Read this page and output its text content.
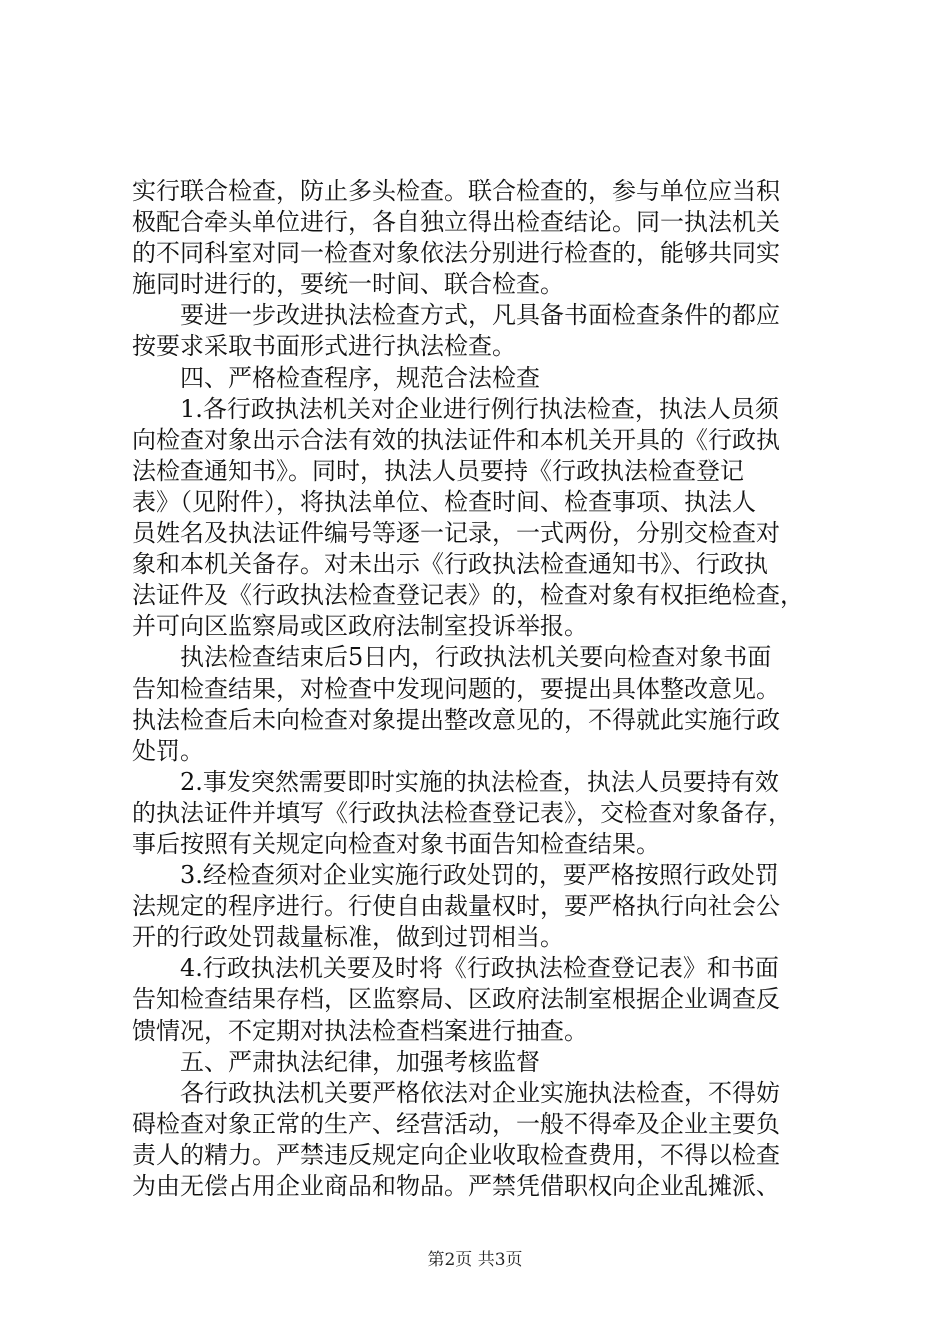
实行联合检查，防止多头检查。联合检查的，参与单位应当积
极配合牵头单位进行，各自独立得出检查结论。同一执法机关
的不同科室对同一检查对象依法分别进行检查的，能够共同实
施同时进行的，要统一时间、联合检查。
要进一步改进执法检查方式，凡具备书面检查条件的都应
按要求采取书面形式进行执法检查。
四、严格检查程序，规范合法检查
1.各行政执法机关对企业进行例行执法检查，执法人员须
向检查对象出示合法有效的执法证件和本机关开具的《行政执
法检查通知书》。同时，执法人员要持《行政执法检查登记
表》（见附件），将执法单位、检查时间、检查事项、执法人
员姓名及执法证件编号等逐一记录，一式两份，分别交检查对
象和本机关备存。对未出示《行政执法检查通知书》、行政执
法证件及《行政执法检查登记表》的，检查对象有权拒绝检查，
并可向区监察局或区政府法制室投诉举报。
执法检查结束后5日内，行政执法机关要向检查对象书面
告知检查结果，对检查中发现问题的，要提出具体整改意见。
执法检查后未向检查对象提出整改意见的，不得就此实施行政
处罚。
2.事发突然需要即时实施的执法检查，执法人员要持有效
的执法证件并填写《行政执法检查登记表》，交检查对象备存，
事后按照有关规定向检查对象书面告知检查结果。
3.经检查须对企业实施行政处罚的，要严格按照行政处罚
法规定的程序进行。行使自由裁量权时，要严格执行向社会公
开的行政处罚裁量标准，做到过罚相当。
4.行政执法机关要及时将《行政执法检查登记表》和书面
告知检查结果存档，区监察局、区政府法制室根据企业调查反
馈情况，不定期对执法检查档案进行抽查。
五、严肃执法纪律，加强考核监督
各行政执法机关要严格依法对企业实施执法检查，不得妨
碍检查对象正常的生产、经营活动，一般不得牵及企业主要负
责人的精力。严禁违反规定向企业收取检查费用，不得以检查
为由无偿占用企业商品和物品。严禁凭借职权向企业乱摊派、
第2页 共3页
